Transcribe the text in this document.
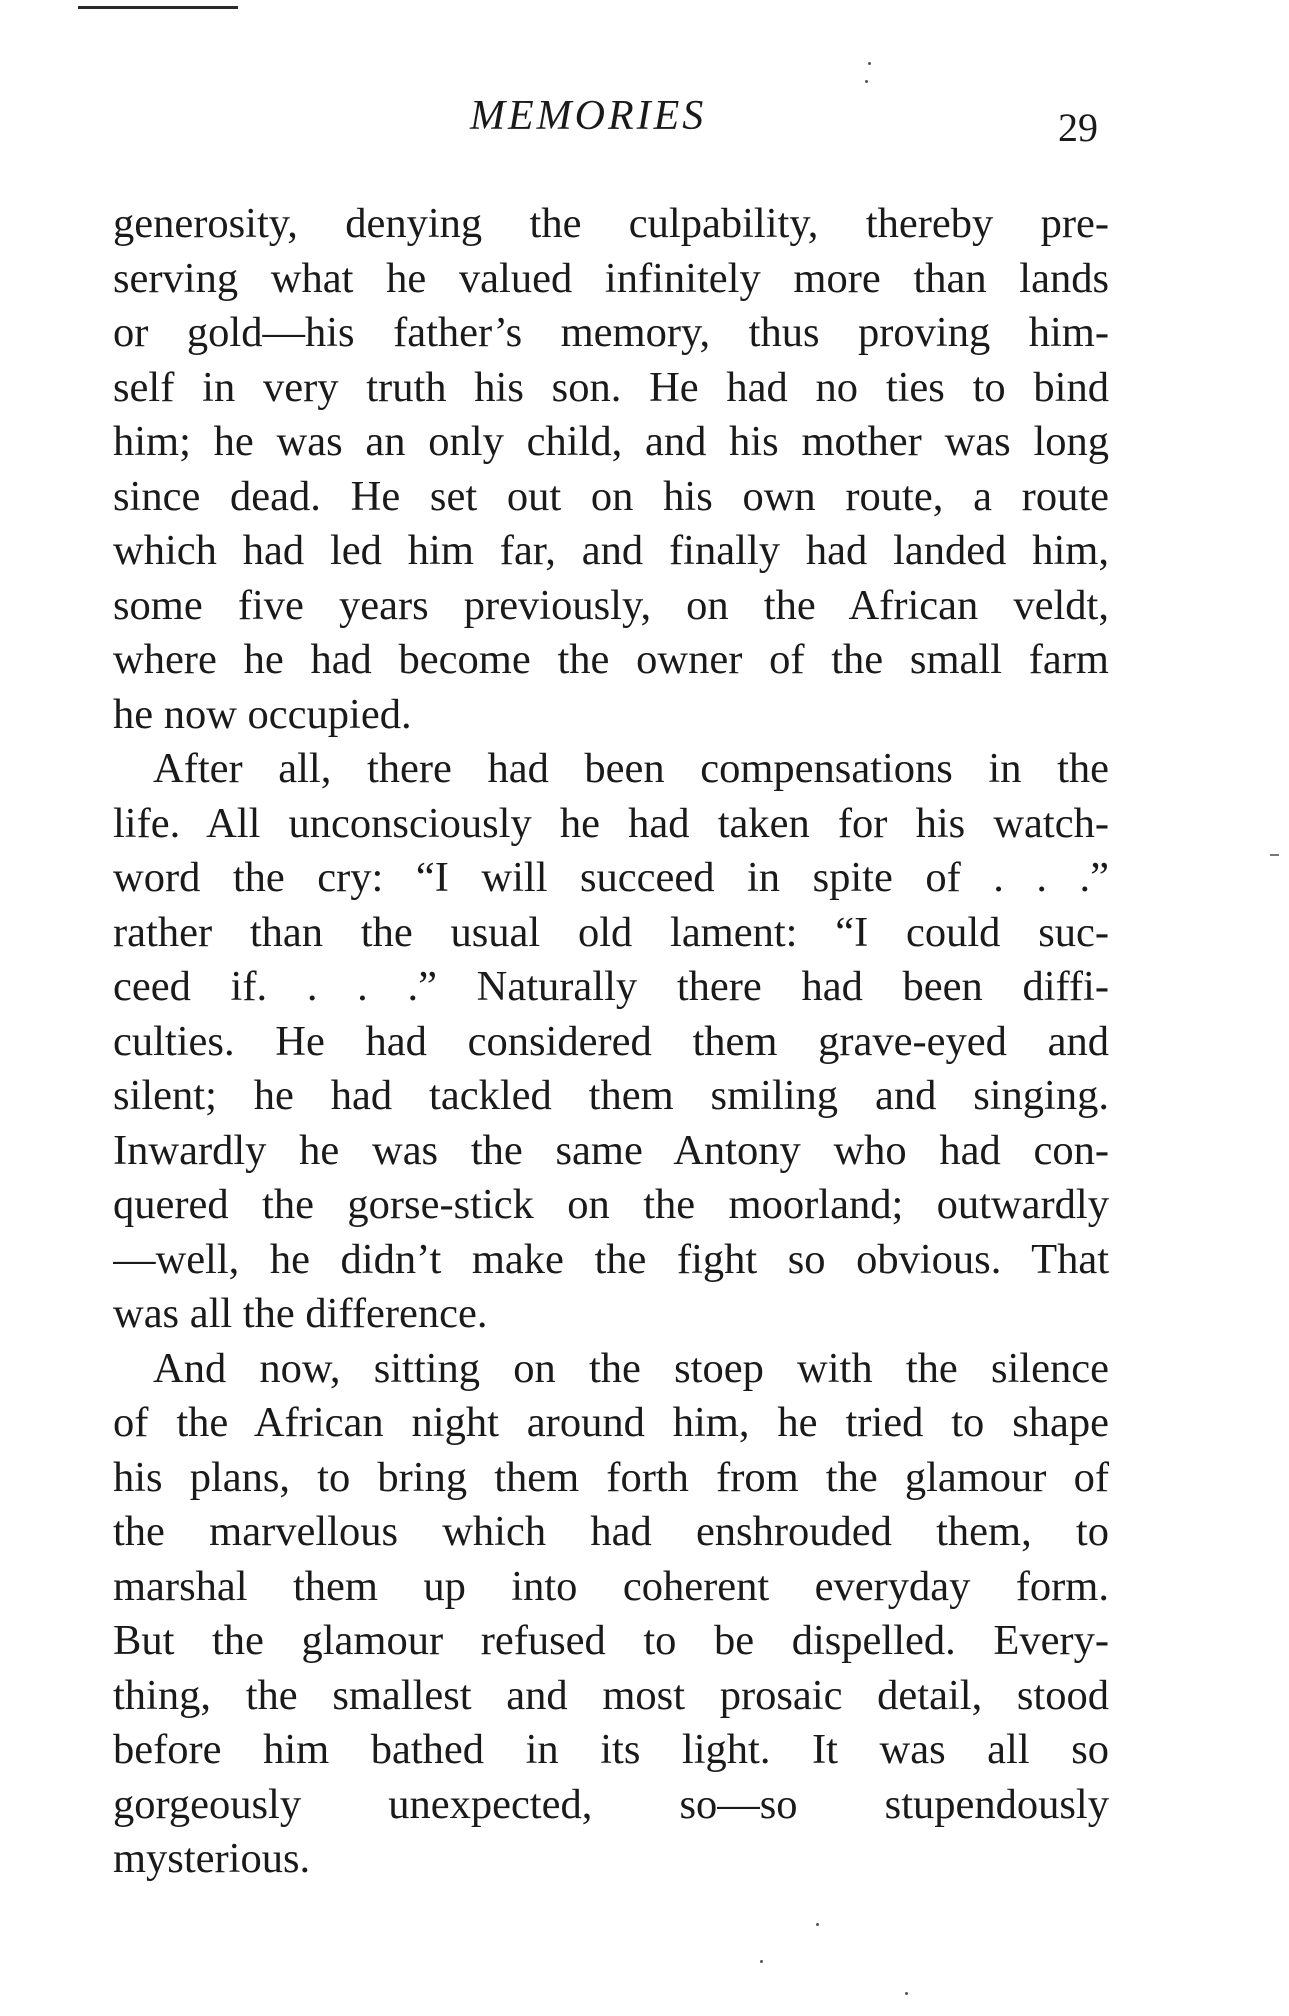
MEMORIES	29

generosity, denying the culpability, thereby pre-
serving what he valued infinitely more than lands
or gold—his father’s memory, thus proving him-
self in very truth his son. He had no ties to bind
him; he was an only child, and his mother was long
since dead. He set out on his own route, a route
which had led him far, and finally had landed him,
some five years previously, on the African veldt,
where he had become the owner of the small farm
he now occupied.

After all, there had been compensations in the
life. All unconsciously he had taken for his watch-
word the cry: “I will succeed in spite of . . .”
rather than the usual old lament: “I could suc-
ceed if. . . .” Naturally there had been diffi-
culties. He had considered them grave-eyed and
silent; he had tackled them smiling and singing.
Inwardly he was the same Antony who had con-
quered the gorse-stick on the moorland; outwardly
—well, he didn’t make the fight so obvious. That
was all the difference.

And now, sitting on the stoep with the silence
of the African night around him, he tried to shape
his plans, to bring them forth from the glamour of
the marvellous which had enshrouded them, to
marshal them up into coherent everyday form.
But the glamour refused to be dispelled. Every-
thing, the smallest and most prosaic detail, stood
before him bathed in its light. It was all so
gorgeously unexpected, so—so stupendously
mysterious.
